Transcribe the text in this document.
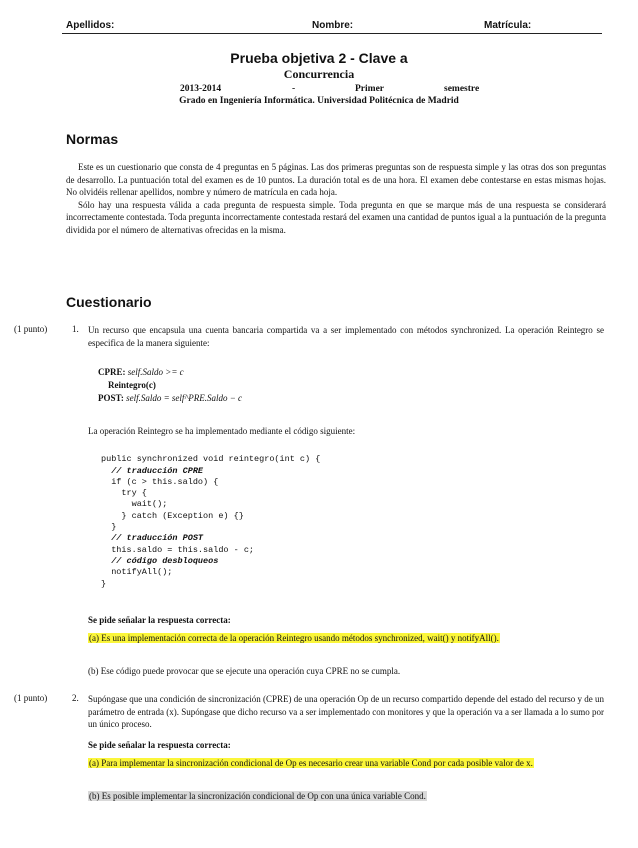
Apellidos:	Nombre:	Matrícula:
Prueba objetiva 2 - Clave a
Concurrencia
2013-2014	-	Primer	semestre
Grado en Ingeniería Informática. Universidad Politécnica de Madrid
Normas

Este es un cuestionario que consta de 4 preguntas en 5 páginas. Las dos primeras preguntas son de respuesta simple y las otras dos son preguntas de desarrollo. La puntuación total del examen es de 10 puntos. La duración total es de una hora. El examen debe contestarse en estas mismas hojas. No olvidéis rellenar apellidos, nombre y número de matrícula en cada hoja.

Sólo hay una respuesta válida a cada pregunta de respuesta simple. Toda pregunta en que se marque más de una respuesta se considerará incorrectamente contestada. Toda pregunta incorrectamente contestada restará del examen una cantidad de puntos igual a la puntuación de la pregunta dividida por el número de alternativas ofrecidas en la misma.

Cuestionario
(1 punto)	1. Un recurso que encapsula una cuenta bancaria compartida va a ser implementado con métodos synchronized. La operación Reintegro se especifica de la manera siguiente:
CPRE: self.Saldo >= c
Reintegro(c)
POST: self.Saldo = self^PRE.Saldo − c
La operación Reintegro se ha implementado mediante el código siguiente:

public synchronized void reintegro(int c) {
// traducción CPRE
if (c > this.saldo) {
try {
wait();
} catch (Exception e) {}
}
// traducción POST
this.saldo = this.saldo - c;
// código desbloqueos
notifyAll();
}

Se pide señalar la respuesta correcta:
(a) Es una implementación correcta de la operación Reintegro usando métodos synchronized, wait() y notifyAll().
(b) Ese código puede provocar que se ejecute una operación cuya CPRE no se cumpla.
(1 punto)	2. Supóngase que una condición de sincronización (CPRE) de una operación Op de un recurso compartido depende del estado del recurso y de un parámetro de entrada (x). Supóngase que dicho recurso va a ser implementado con monitores y que la operación va a ser llamada a lo sumo por un único proceso.
Se pide señalar la respuesta correcta:
(a) Para implementar la sincronización condicional de Op es necesario crear una variable Cond por cada posible valor de x.
(b) Es posible implementar la sincronización condicional de Op con una única variable Cond.
